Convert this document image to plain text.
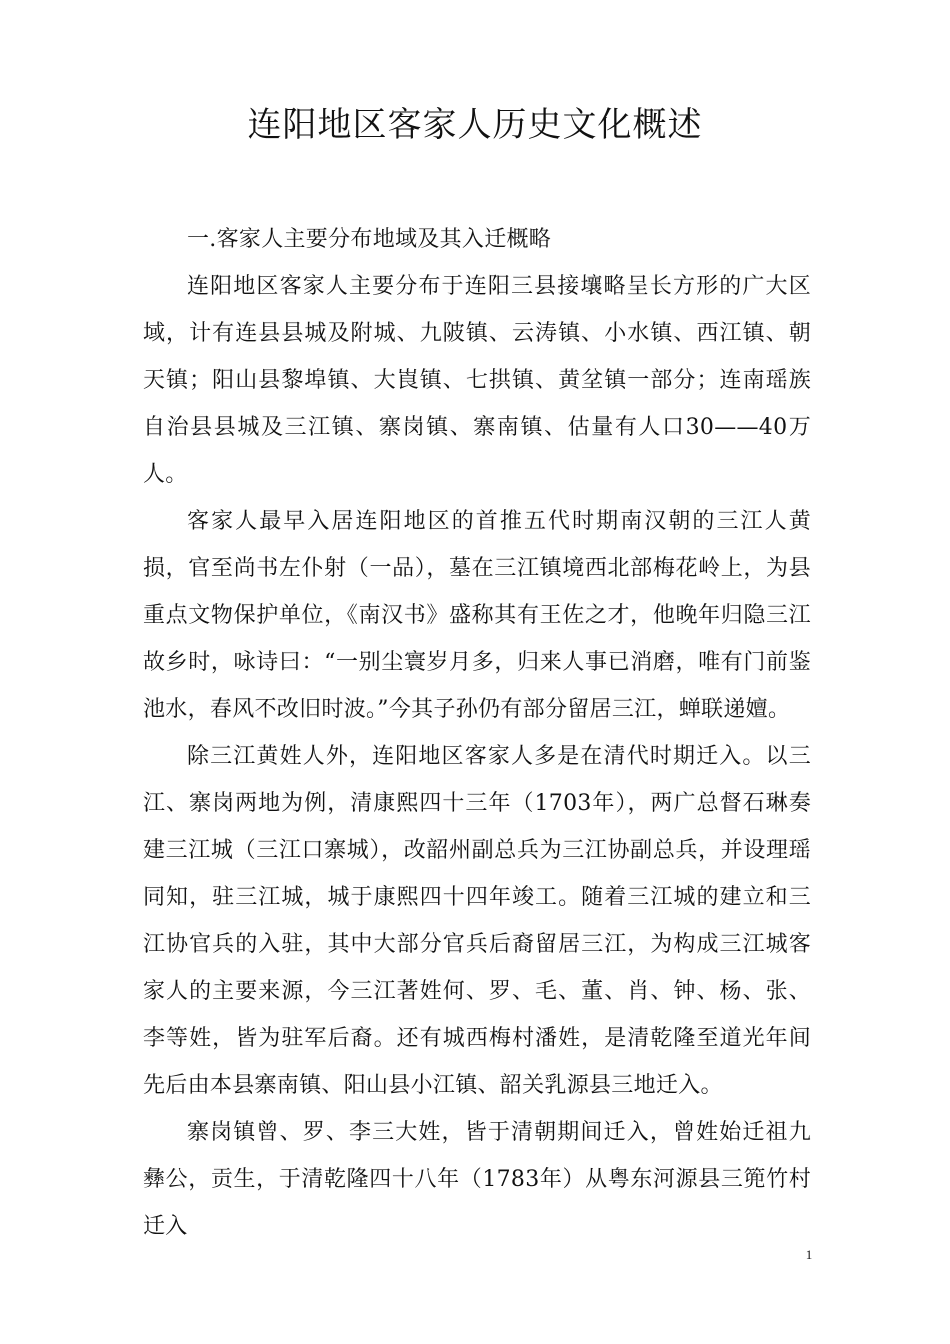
连阳地区客家人历史文化概述

一.客家人主要分布地域及其入迁概略

连阳地区客家人主要分布于连阳三县接壤略呈长方形的广大区域，计有连县县城及附城、九陂镇、云涛镇、小水镇、西江镇、朝天镇；阳山县黎埠镇、大崀镇、七拱镇、黄坌镇一部分；连南瑶族自治县县城及三江镇、寨岗镇、寨南镇、估量有人口30——40万人。

客家人最早入居连阳地区的首推五代时期南汉朝的三江人黄损，官至尚书左仆射（一品），墓在三江镇境西北部梅花岭上，为县重点文物保护单位，《南汉书》盛称其有王佐之才，他晚年归隐三江故乡时，咏诗曰：“一别尘寰岁月多，归来人事已消磨，唯有门前鉴池水，春风不改旧时波。”今其子孙仍有部分留居三江，蝉联递嬗。

除三江黄姓人外，连阳地区客家人多是在清代时期迁入。以三江、寨岗两地为例，清康熙四十三年（1703年），两广总督石琳奏建三江城（三江口寨城），改韶州副总兵为三江协副总兵，并设理瑶同知，驻三江城，城于康熙四十四年竣工。随着三江城的建立和三江协官兵的入驻，其中大部分官兵后裔留居三江，为构成三江城客家人的主要来源，今三江著姓何、罗、毛、董、肖、钟、杨、张、李等姓，皆为驻军后裔。还有城西梅村潘姓，是清乾隆至道光年间先后由本县寨南镇、阳山县小江镇、韶关乳源县三地迁入。

寨岗镇曾、罗、李三大姓，皆于清朝期间迁入，曾姓始迁祖九彝公，贡生，于清乾隆四十八年（1783年）从粤东河源县三篼竹村迁入

1
